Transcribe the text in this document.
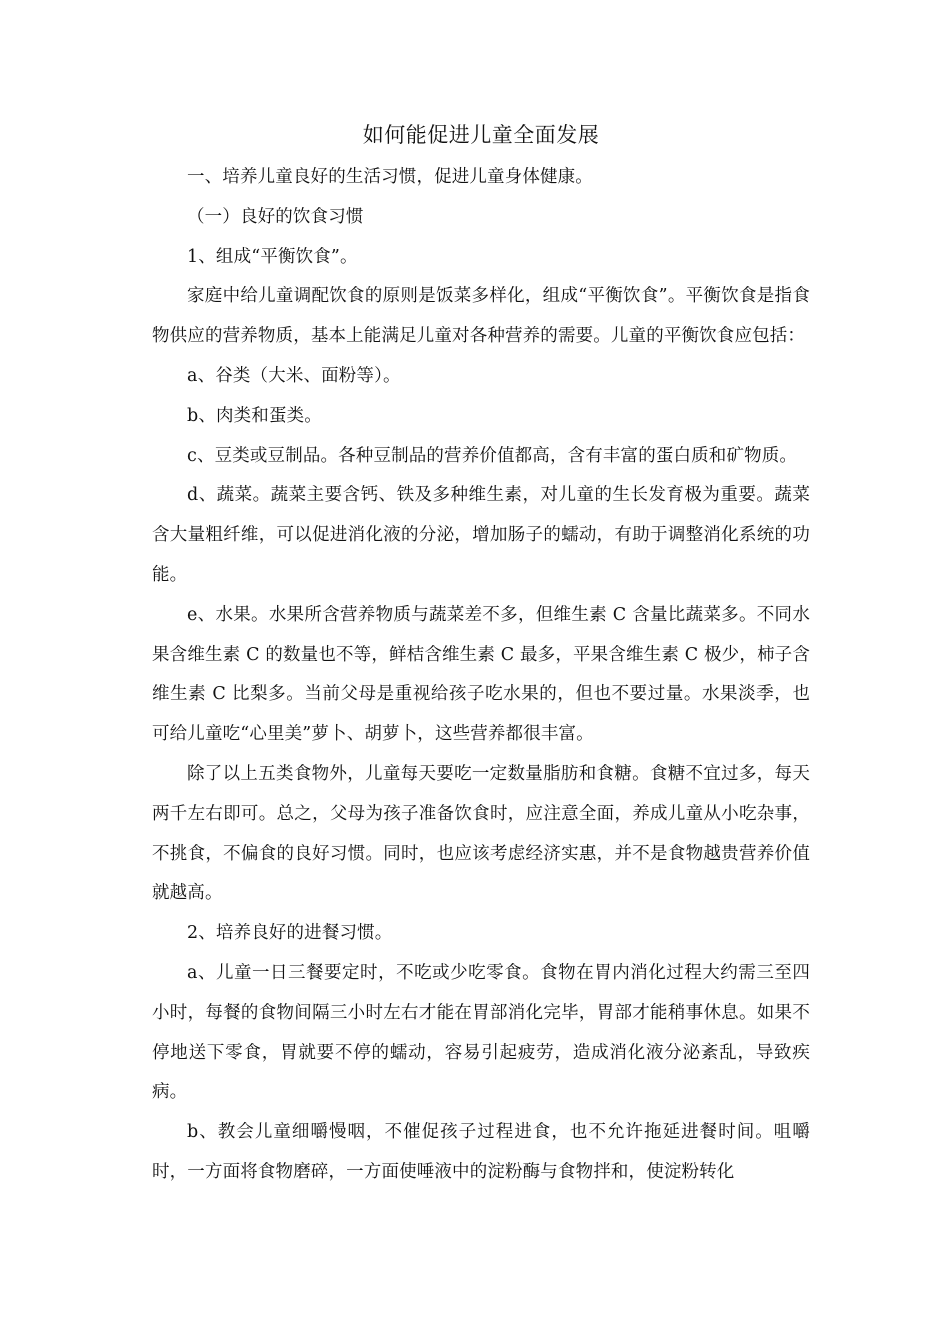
如何能促进儿童全面发展

一、培养儿童良好的生活习惯，促进儿童身体健康。

（一）良好的饮食习惯

1、组成“平衡饮食”。

家庭中给儿童调配饮食的原则是饭菜多样化，组成“平衡饮食”。平衡饮食是指食物供应的营养物质，基本上能满足儿童对各种营养的需要。儿童的平衡饮食应包括：

a、谷类（大米、面粉等）。

b、肉类和蛋类。

c、豆类或豆制品。各种豆制品的营养价值都高，含有丰富的蛋白质和矿物质。

d、蔬菜。蔬菜主要含钙、铁及多种维生素，对儿童的生长发育极为重要。蔬菜含大量粗纤维，可以促进消化液的分泌，增加肠子的蠕动，有助于调整消化系统的功能。

e、水果。水果所含营养物质与蔬菜差不多，但维生素 C 含量比蔬菜多。不同水果含维生素 C 的数量也不等，鲜桔含维生素 C 最多，平果含维生素 C 极少，柿子含维生素 C 比梨多。当前父母是重视给孩子吃水果的，但也不要过量。水果淡季，也可给儿童吃“心里美”萝卜、胡萝卜，这些营养都很丰富。

除了以上五类食物外，儿童每天要吃一定数量脂肪和食糖。食糖不宜过多，每天两千左右即可。总之，父母为孩子准备饮食时，应注意全面，养成儿童从小吃杂事，不挑食，不偏食的良好习惯。同时，也应该考虑经济实惠，并不是食物越贵营养价值就越高。

2、培养良好的进餐习惯。

a、儿童一日三餐要定时，不吃或少吃零食。食物在胃内消化过程大约需三至四小时，每餐的食物间隔三小时左右才能在胃部消化完毕，胃部才能稍事休息。如果不停地送下零食，胃就要不停的蠕动，容易引起疲劳，造成消化液分泌紊乱，导致疾病。

b、教会儿童细嚼慢咽，不催促孩子过程进食，也不允许拖延进餐时间。咀嚼时，一方面将食物磨碎，一方面使唾液中的淀粉酶与食物拌和，使淀粉转化
